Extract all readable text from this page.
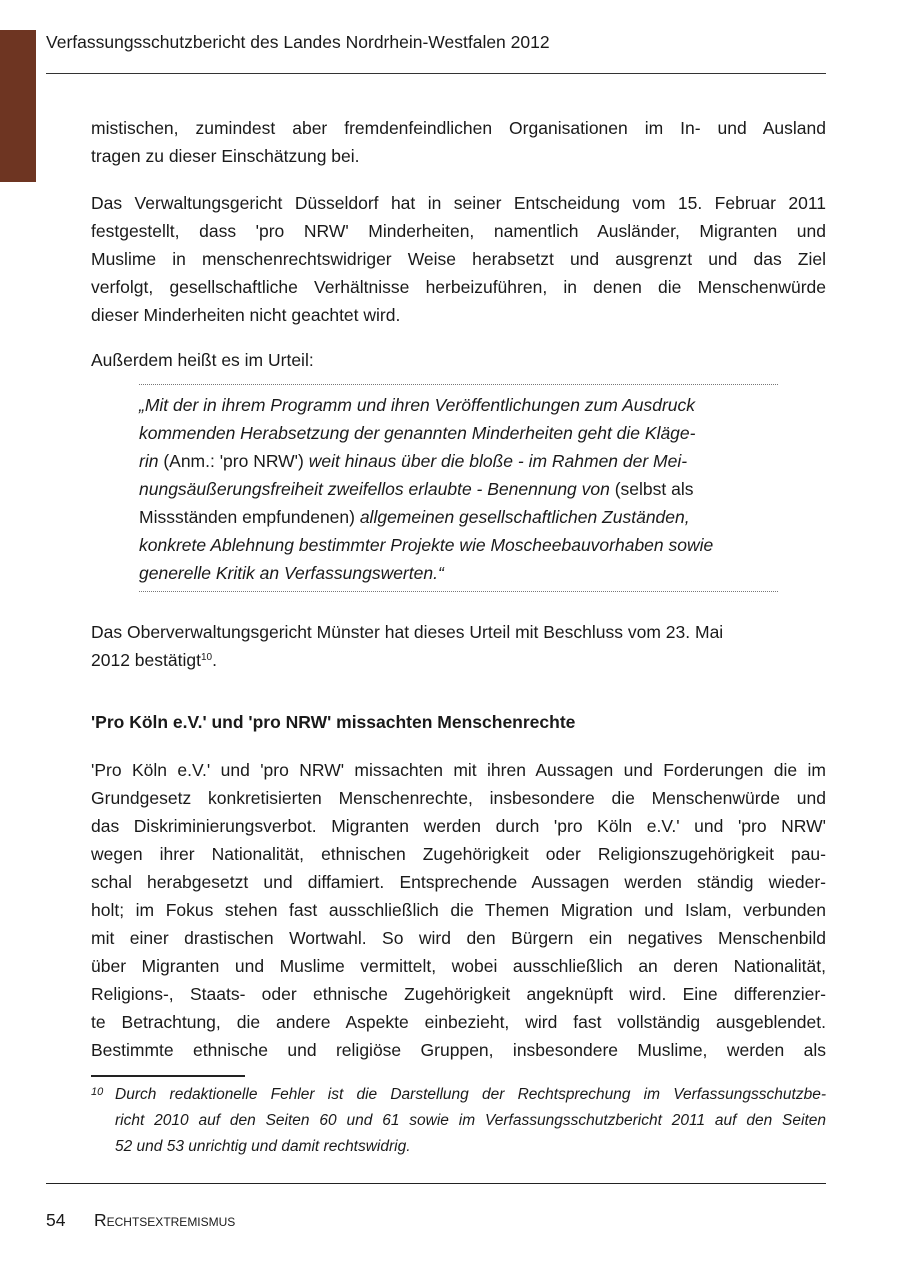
Verfassungsschutzbericht des Landes Nordrhein-Westfalen 2012

mistischen, zumindest aber fremdenfeindlichen Organisationen im In- und Ausland
tragen zu dieser Einschätzung bei.

Das Verwaltungsgericht Düsseldorf hat in seiner Entscheidung vom 15. Februar 2011
festgestellt, dass 'pro NRW' Minderheiten, namentlich Ausländer, Migranten und
Muslime in menschenrechtswidriger Weise herabsetzt und ausgrenzt und das Ziel
verfolgt, gesellschaftliche Verhältnisse herbeizuführen, in denen die Menschenwürde
dieser Minderheiten nicht geachtet wird.

Außerdem heißt es im Urteil:

„Mit der in ihrem Programm und ihren Veröffentlichungen zum Ausdruck
kommenden Herabsetzung der genannten Minderheiten geht die Kläge-
rin (Anm.: 'pro NRW') weit hinaus über die bloße - im Rahmen der Mei-
nungsäußerungsfreiheit zweifellos erlaubte - Benennung von (selbst als
Missständen empfundenen) allgemeinen gesellschaftlichen Zuständen,
konkrete Ablehnung bestimmter Projekte wie Moscheebauvorhaben sowie
generelle Kritik an Verfassungswerten.“

Das Oberverwaltungsgericht Münster hat dieses Urteil mit Beschluss vom 23. Mai
2012 bestätigt$^{10}$.

'Pro Köln e.V.' und 'pro NRW' missachten Menschenrechte

'Pro Köln e.V.' und 'pro NRW' missachten mit ihren Aussagen und Forderungen die im
Grundgesetz konkretisierten Menschenrechte, insbesondere die Menschenwürde und
das Diskriminierungsverbot. Migranten werden durch 'pro Köln e.V.' und 'pro NRW'
wegen ihrer Nationalität, ethnischen Zugehörigkeit oder Religionszugehörigkeit pau-
schal herabgesetzt und diffamiert. Entsprechende Aussagen werden ständig wieder-
holt; im Fokus stehen fast ausschließlich die Themen Migration und Islam, verbunden
mit einer drastischen Wortwahl. So wird den Bürgern ein negatives Menschenbild
über Migranten und Muslime vermittelt, wobei ausschließlich an deren Nationalität,
Religions-, Staats- oder ethnische Zugehörigkeit angeknüpft wird. Eine differenzier-
te Betrachtung, die andere Aspekte einbezieht, wird fast vollständig ausgeblendet.
Bestimmte ethnische und religiöse Gruppen, insbesondere Muslime, werden als

10 Durch redaktionelle Fehler ist die Darstellung der Rechtsprechung im Verfassungsschutzbe-
richt 2010 auf den Seiten 60 und 61 sowie im Verfassungsschutzbericht 2011 auf den Seiten
52 und 53 unrichtig und damit rechtswidrig.
54 Rechtsextremismus
